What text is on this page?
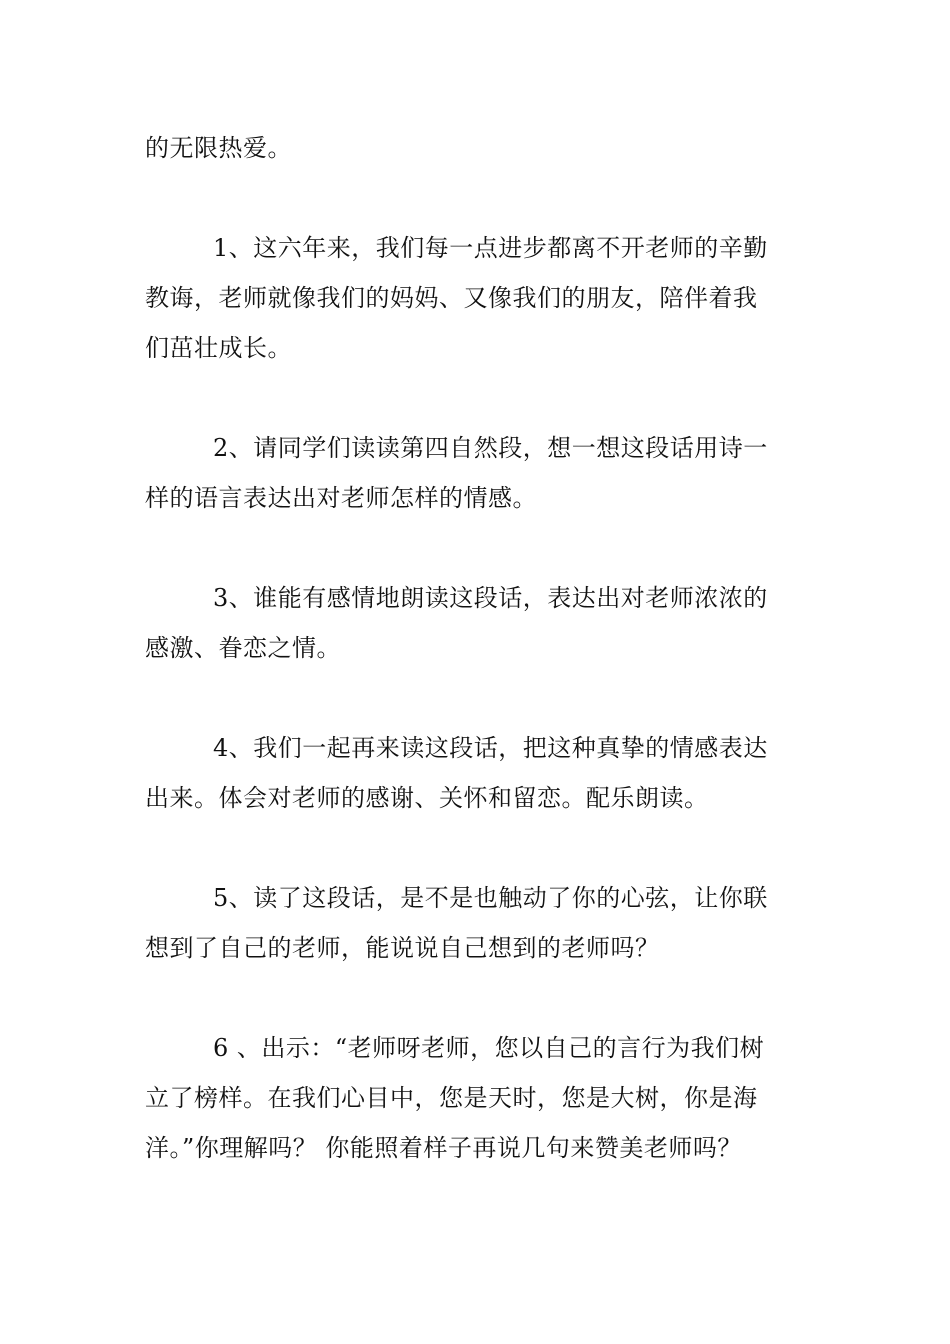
的无限热爱。

1、这六年来，我们每一点进步都离不开老师的辛勤
教诲，老师就像我们的妈妈、又像我们的朋友，陪伴着我
们茁壮成长。

2、请同学们读读第四自然段，想一想这段话用诗一
样的语言表达出对老师怎样的情感。

3、谁能有感情地朗读这段话，表达出对老师浓浓的
感激、眷恋之情。

4、我们一起再来读这段话，把这种真挚的情感表达
出来。体会对老师的感谢、关怀和留恋。配乐朗读。

5、读了这段话，是不是也触动了你的心弦，让你联
想到了自己的老师，能说说自己想到的老师吗？

6 、出示：“老师呀老师，您以自己的言行为我们树
立了榜样。在我们心目中，您是天时，您是大树，你是海
洋。”你理解吗？ 你能照着样子再说几句来赞美老师吗？
